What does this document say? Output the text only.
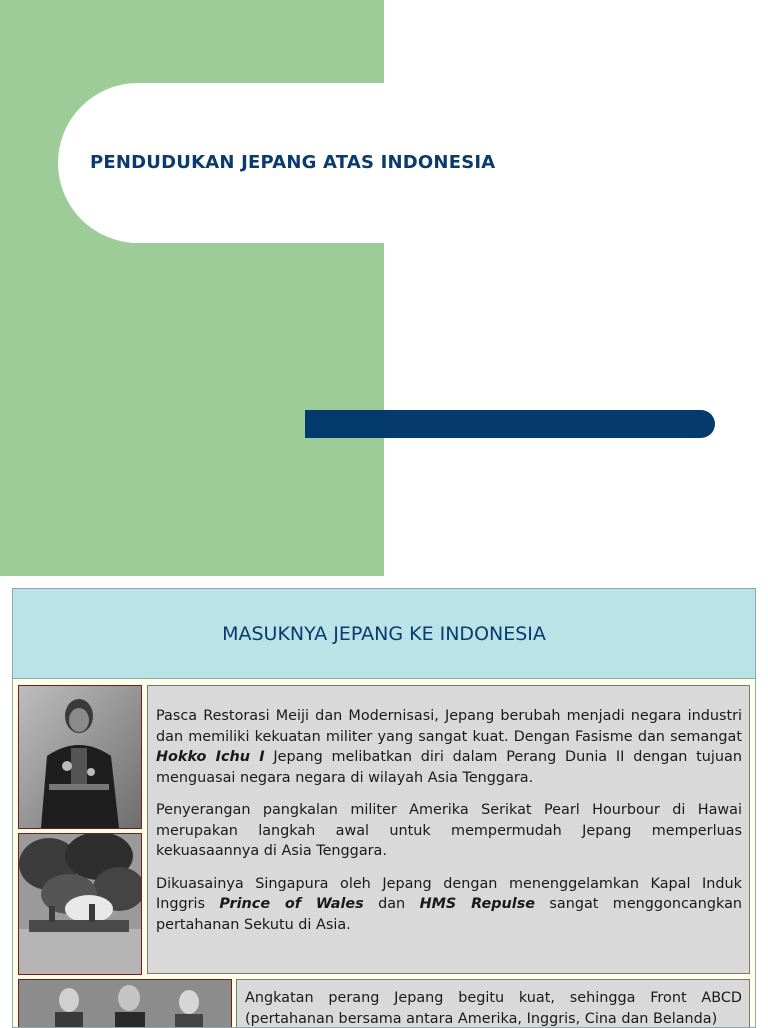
PENDUDUKAN JEPANG ATAS INDONESIA
MASUKNYA JEPANG KE INDONESIA

Pasca Restorasi Meiji dan Modernisasi, Jepang berubah menjadi negara industri dan memiliki kekuatan militer yang sangat kuat. Dengan Fasisme dan semangat Hokko Ichu I Jepang melibatkan diri dalam Perang Dunia II dengan tujuan menguasai negara negara di wilayah Asia Tenggara.

Penyerangan pangkalan militer Amerika Serikat Pearl Hourbour di Hawai merupakan langkah awal untuk mempermudah Jepang memperluas kekuasaannya di Asia Tenggara.

Dikuasainya Singapura oleh Jepang dengan menenggelamkan Kapal Induk Inggris Prince of Wales dan HMS Repulse sangat menggoncangkan pertahanan Sekutu di Asia.

Angkatan perang Jepang begitu kuat, sehingga Front ABCD (pertahanan bersama antara Amerika, Inggris, Cina dan Belanda)
